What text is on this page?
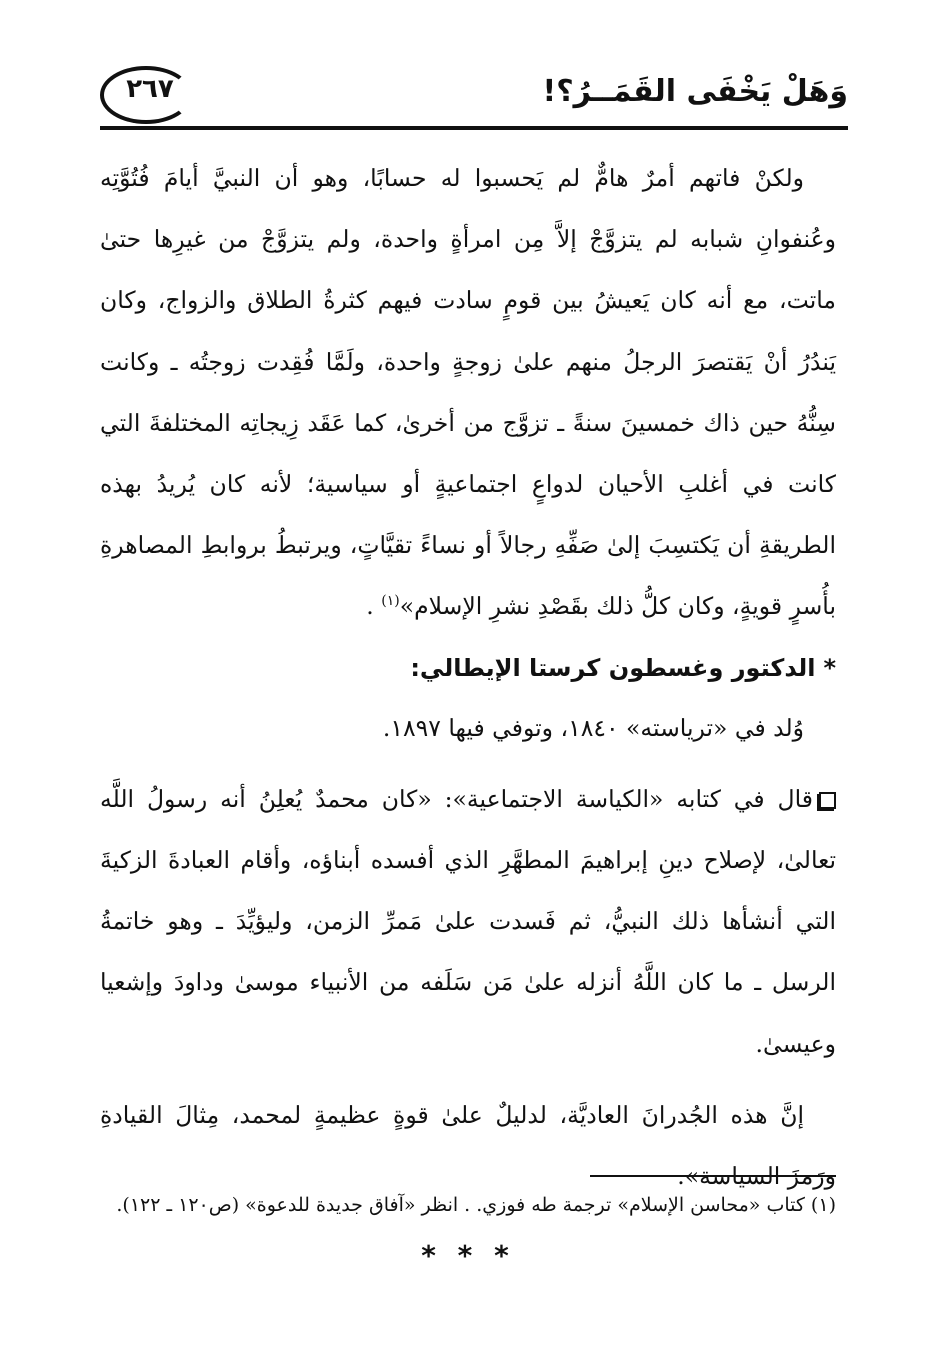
وَهَلْ يَخْفَى القَمَــرُ؟!
٢٦٧

ولكنْ فاتهم أمرٌ هامٌّ لم يَحسبوا له حسابًا، وهو أن النبيَّ أيامَ فُتُوَّتِه وعُنفوانِ شبابه لم يتزوَّجْ إلاَّ مِن امرأةٍ واحدة، ولم يتزوَّجْ من غيرِها حتىٰ ماتت، مع أنه كان يَعيشُ بين قومٍ سادت فيهم كثرةُ الطلاق والزواج، وكان يَندُرُ أنْ يَقتصرَ الرجلُ منهم علىٰ زوجةٍ واحدة، ولَمَّا فُقِدت زوجتُه ـ وكانت سِنُّهُ حين ذاك خمسينَ سنةً ـ تزوَّج من أخرىٰ، كما عَقَد زِيجاتِه المختلفةَ التي كانت في أغلبِ الأحيان لدواعٍ اجتماعيةٍ أو سياسية؛ لأنه كان يُريدُ بهذه الطريقةِ أن يَكتسِبَ إلىٰ صَفِّهِ رجالاً أو نساءً تقيَّاتٍ، ويرتبطُ بروابطِ المصاهرةِ بأُسرٍ قويةٍ، وكان كلُّ ذلك بقَصْدِ نشرِ الإسلام»$^{(١)}$ .

*الدكتور وغسطون كرستا الإيطالي:

وُلد في «ترياسته» ١٨٤٠، وتوفي فيها ١٨٩٧.

قال في كتابه «الكياسة الاجتماعية»: «كان محمدٌ يُعلِنُ أنه رسولُ اللَّه تعالىٰ، لإصلاح دينِ إبراهيمَ المطهَّرِ الذي أفسده أبناؤه، وأقام العبادةَ الزكيةَ التي أنشأها ذلك النبيُّ، ثم فَسدت علىٰ مَمرِّ الزمن، وليؤيِّدَ ـ وهو خاتمةُ الرسل ـ ما كان اللَّهُ أنزله علىٰ مَن سَلَفه من الأنبياء موسىٰ وداودَ وإشعيا وعيسىٰ.

إنَّ هذه الجُدرانَ العاديَّة، لدليلٌ علىٰ قوةٍ عظيمةٍ لمحمد، مِثالَ القيادةِ ورَمزَ السياسة».

* * *
(١) كتاب «محاسن الإسلام» ترجمة طه فوزي. . انظر «آفاق جديدة للدعوة» (ص١٢٠ ـ ١٢٢).
